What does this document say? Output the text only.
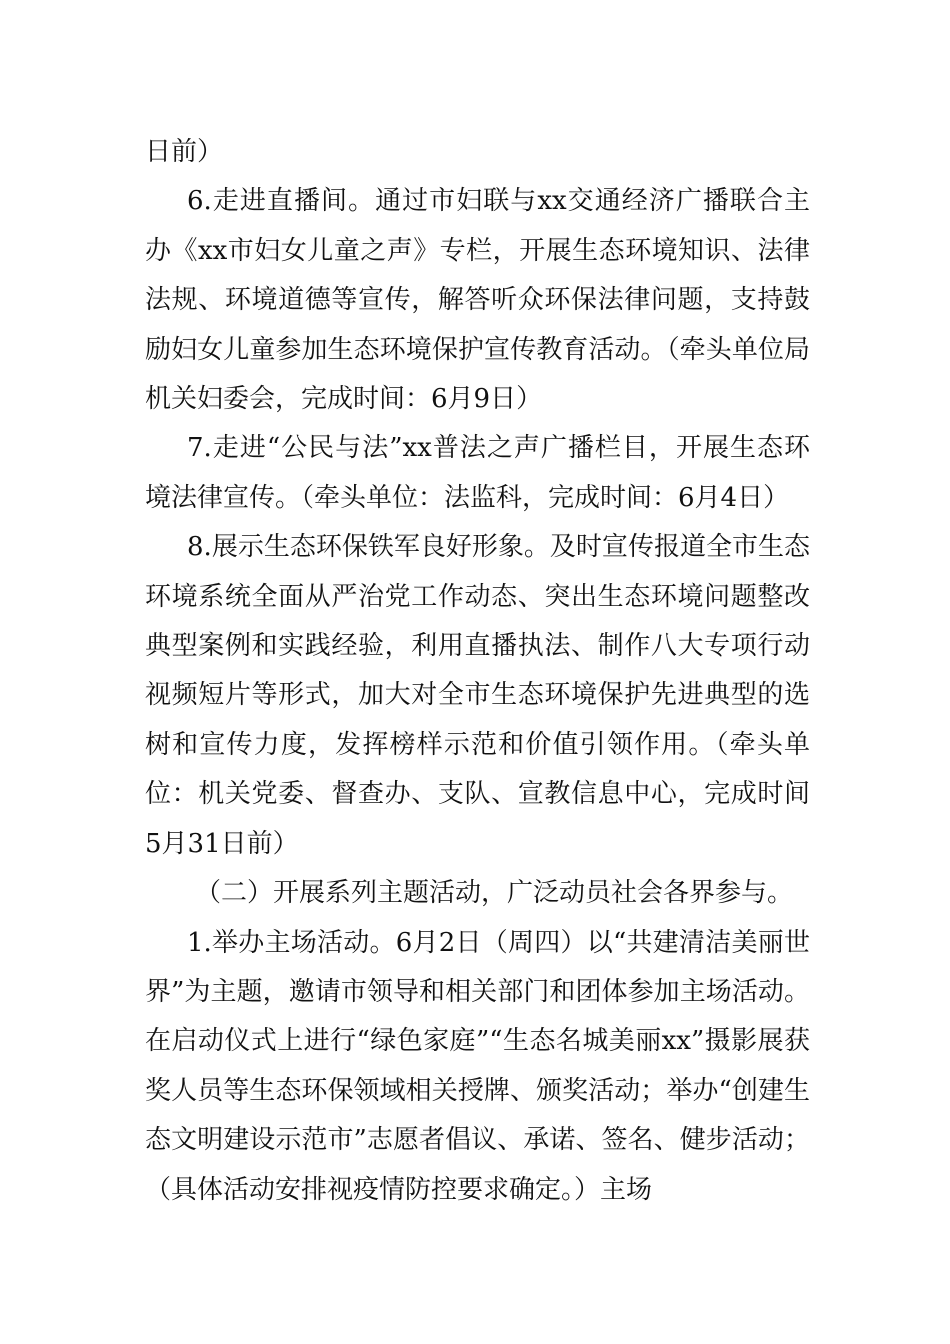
日前）

6.走进直播间。通过市妇联与xx交通经济广播联合主办《xx市妇女儿童之声》专栏，开展生态环境知识、法律法规、环境道德等宣传，解答听众环保法律问题，支持鼓励妇女儿童参加生态环境保护宣传教育活动。（牵头单位局机关妇委会，完成时间：6月9日）

7.走进“公民与法”xx普法之声广播栏目，开展生态环境法律宣传。（牵头单位：法监科，完成时间：6月4日）

8.展示生态环保铁军良好形象。及时宣传报道全市生态环境系统全面从严治党工作动态、突出生态环境问题整改典型案例和实践经验，利用直播执法、制作八大专项行动视频短片等形式，加大对全市生态环境保护先进典型的选树和宣传力度，发挥榜样示范和价值引领作用。（牵头单位：机关党委、督查办、支队、宣教信息中心，完成时间5月31日前）

（二）开展系列主题活动，广泛动员社会各界参与。

1.举办主场活动。6月2日（周四）以“共建清洁美丽世界”为主题，邀请市领导和相关部门和团体参加主场活动。在启动仪式上进行“绿色家庭”“生态名城美丽xx”摄影展获奖人员等生态环保领域相关授牌、颁奖活动；举办“创建生态文明建设示范市”志愿者倡议、承诺、签名、健步活动；（具体活动安排视疫情防控要求确定。）主场
